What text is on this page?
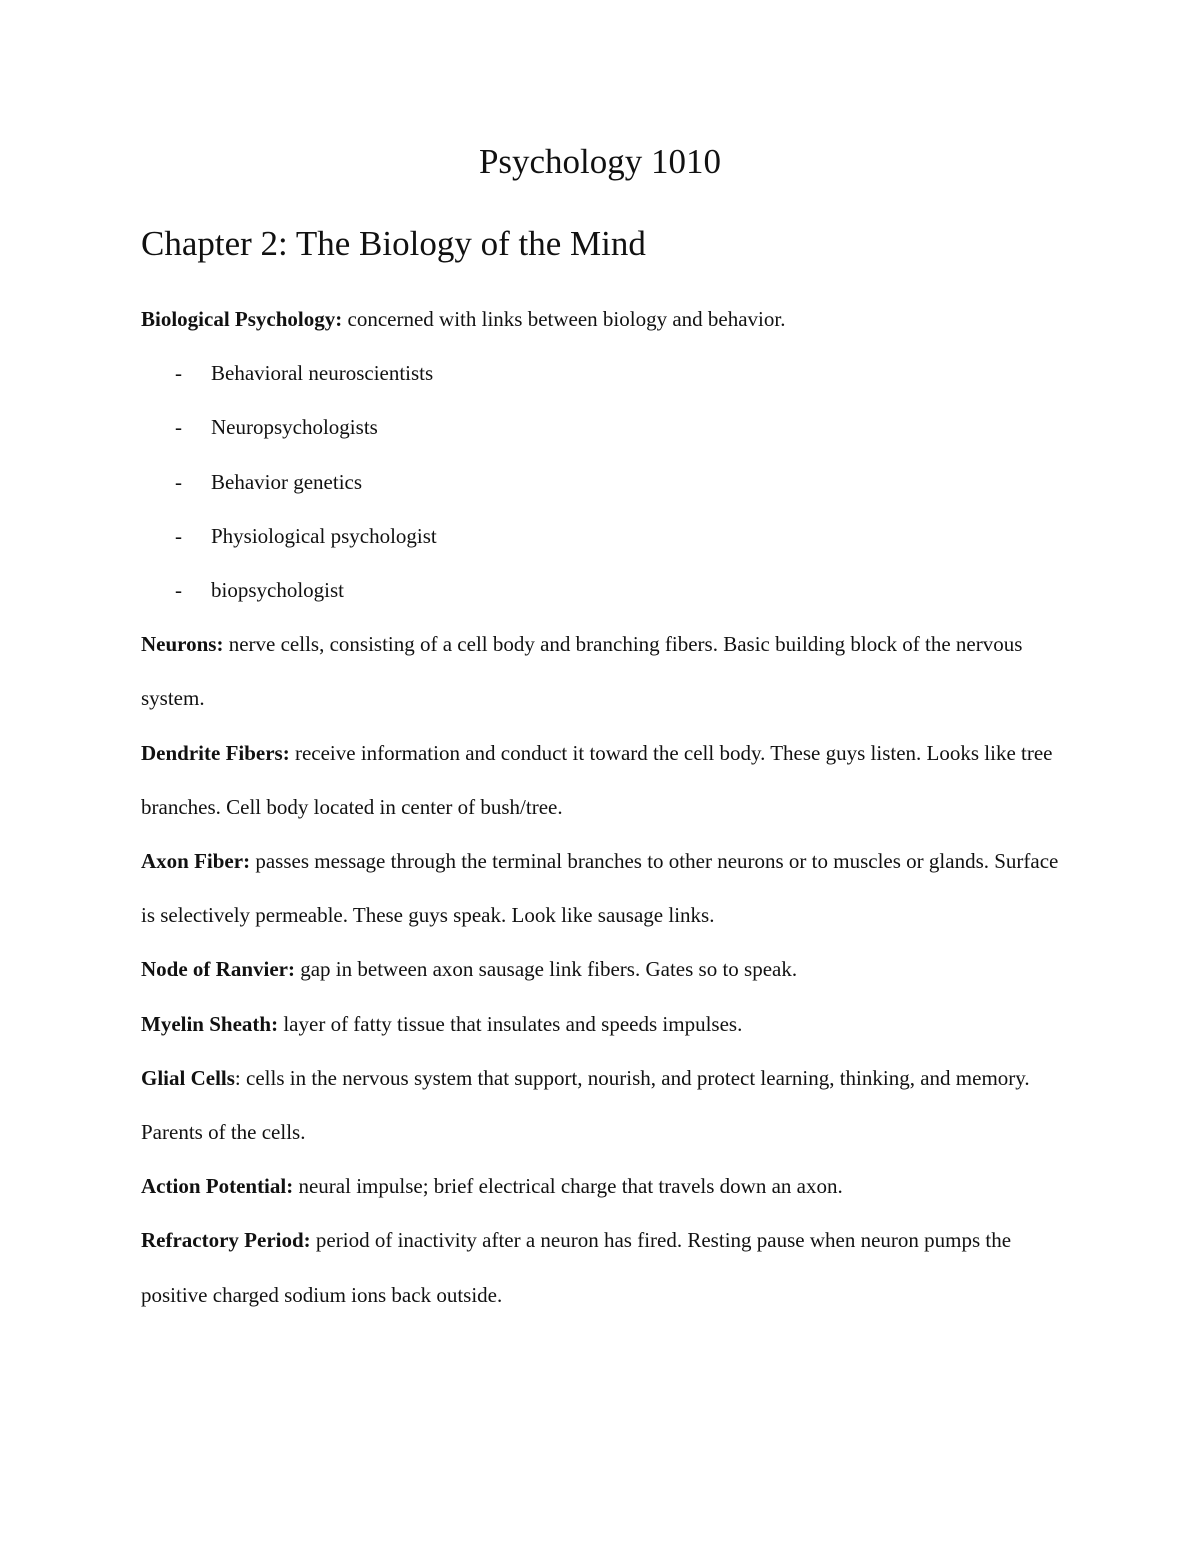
Psychology 1010
Chapter 2: The Biology of the Mind

Biological Psychology: concerned with links between biology and behavior.

- Behavioral neuroscientists
- Neuropsychologists
- Behavior genetics
- Physiological psychologist
- biopsychologist

Neurons: nerve cells, consisting of a cell body and branching fibers. Basic building block of the nervous system.

Dendrite Fibers: receive information and conduct it toward the cell body. These guys listen. Looks like tree branches. Cell body located in center of bush/tree.

Axon Fiber: passes message through the terminal branches to other neurons or to muscles or glands. Surface is selectively permeable. These guys speak. Look like sausage links.

Node of Ranvier: gap in between axon sausage link fibers. Gates so to speak.

Myelin Sheath: layer of fatty tissue that insulates and speeds impulses.

Glial Cells: cells in the nervous system that support, nourish, and protect learning, thinking, and memory. Parents of the cells.

Action Potential: neural impulse; brief electrical charge that travels down an axon.

Refractory Period: period of inactivity after a neuron has fired. Resting pause when neuron pumps the positive charged sodium ions back outside.
